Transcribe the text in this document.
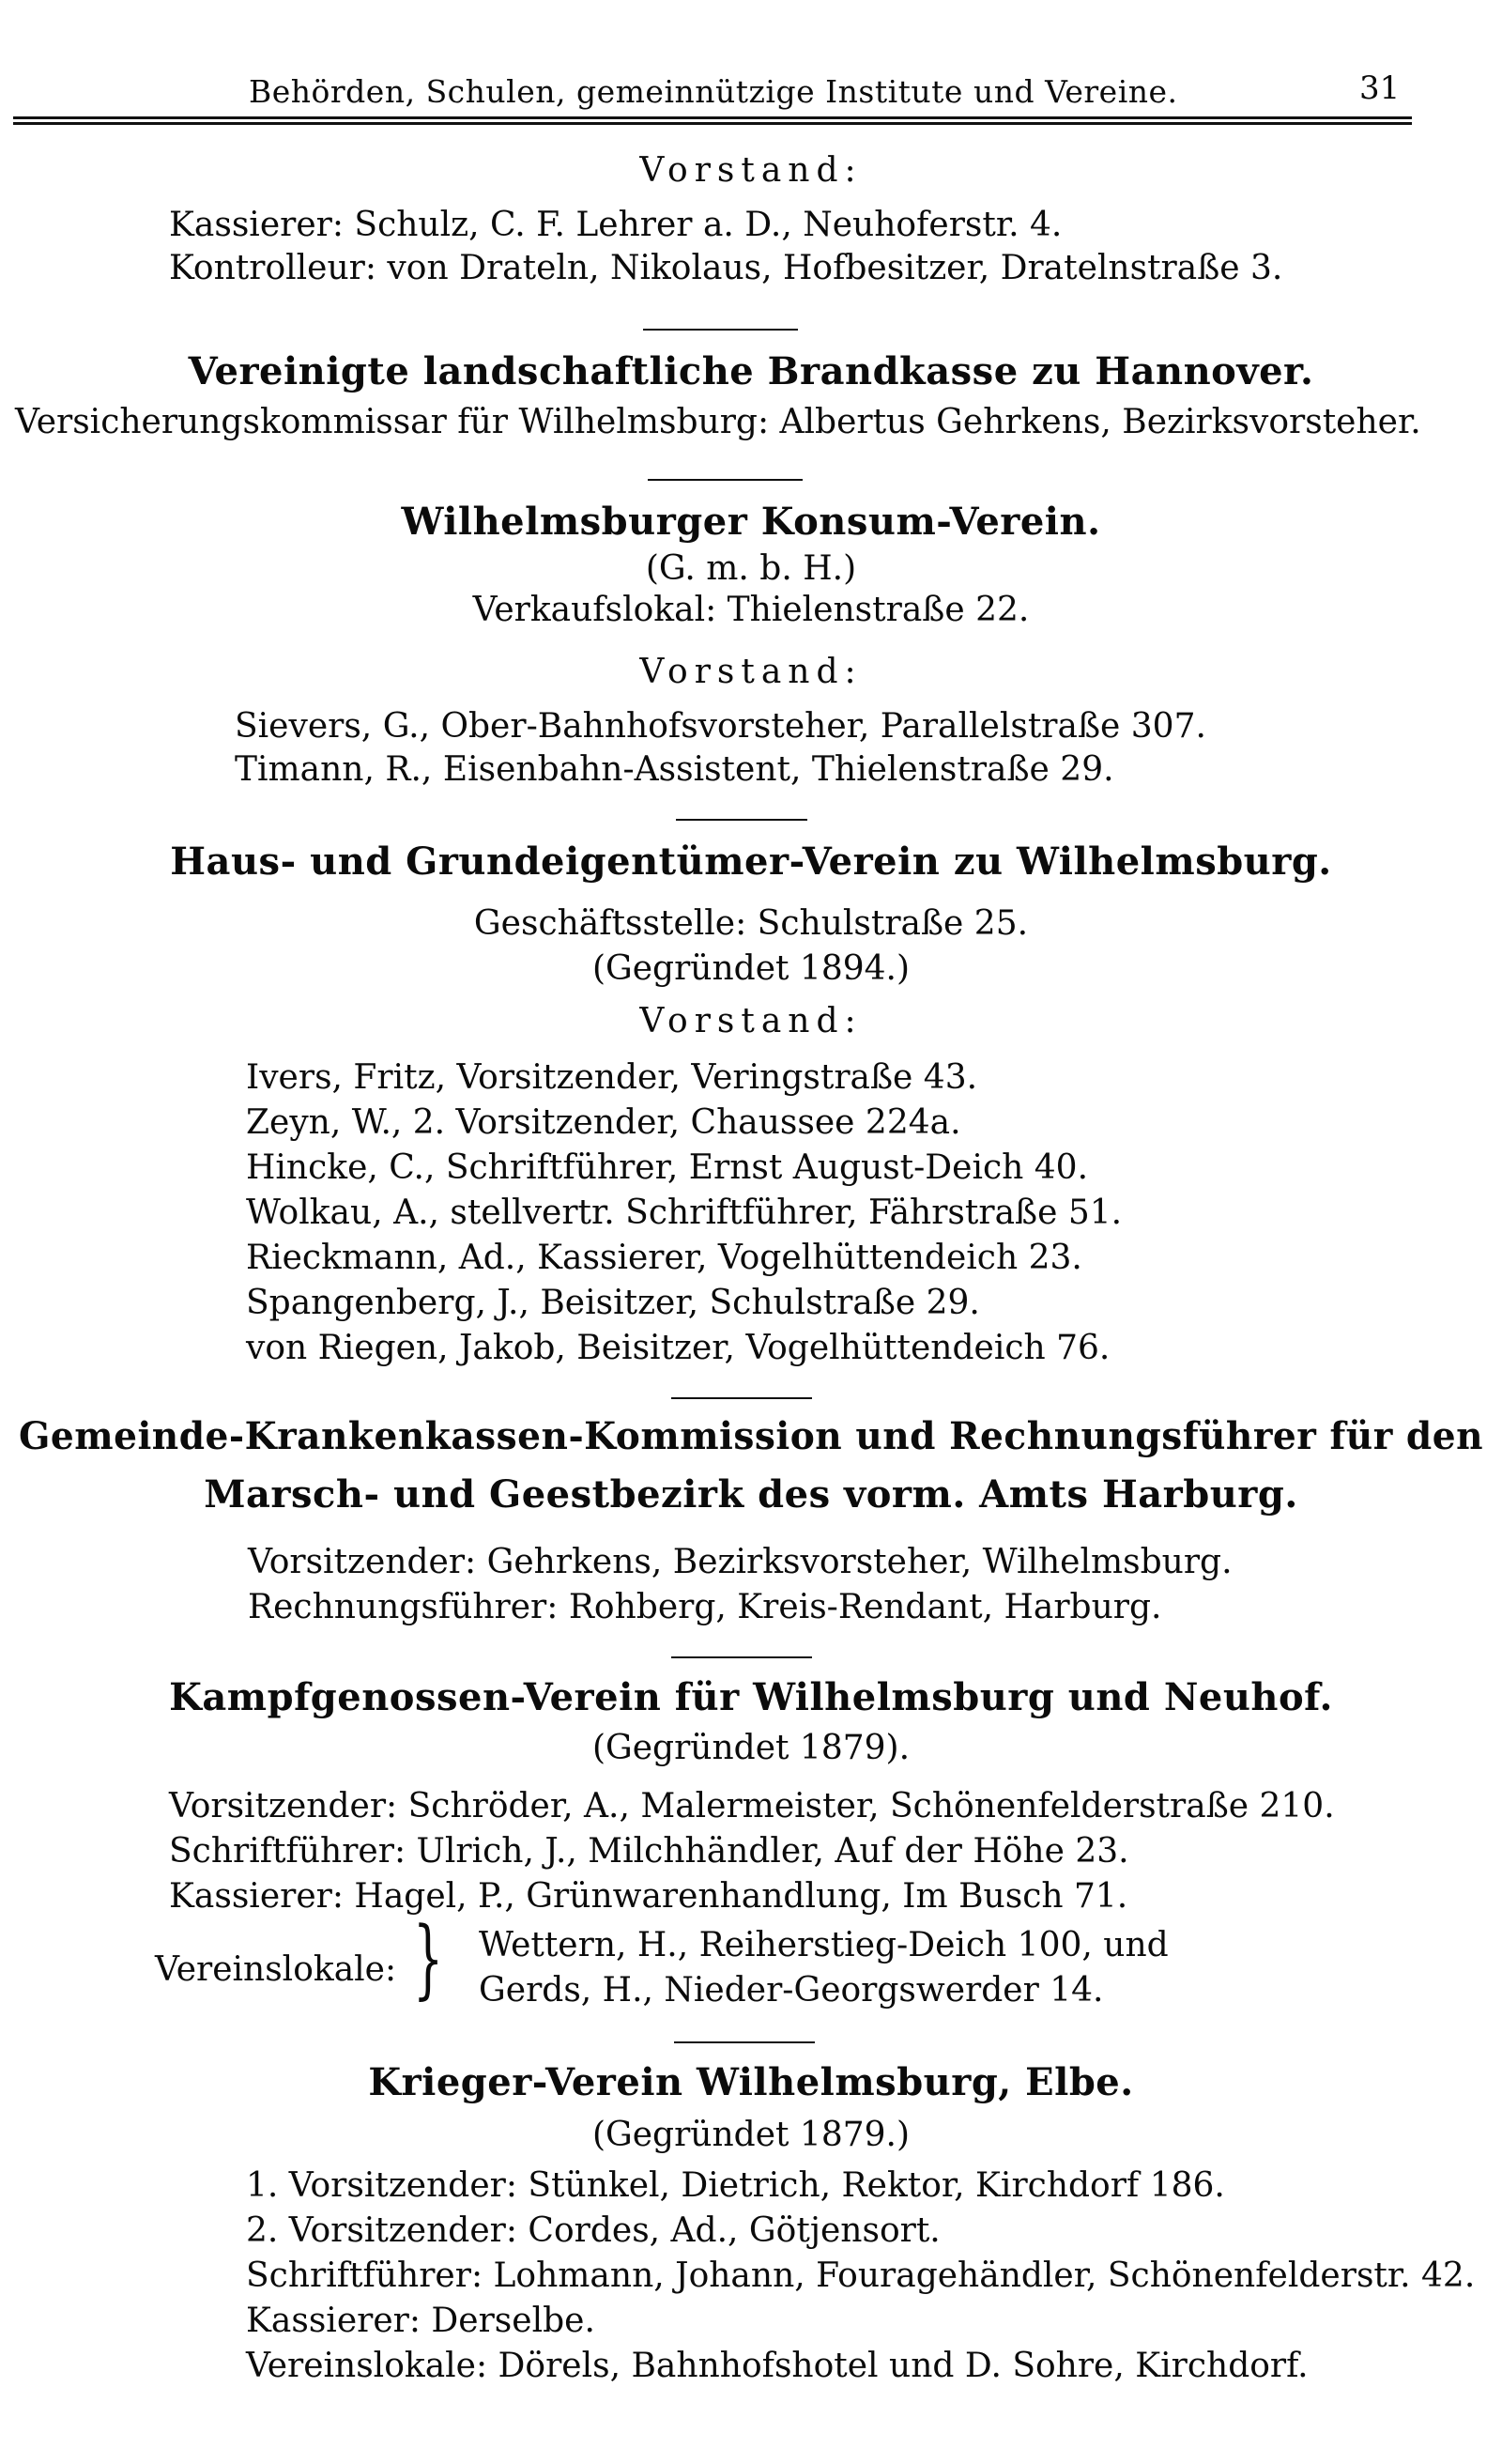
Behörden, Schulen, gemeinnützige Institute und Vereine.	31
Vorstand:
Kassierer: Schulz, C. F. Lehrer a. D., Neuhoferstr. 4.
Kontrolleur: von Drateln, Nikolaus, Hofbesitzer, Dratelnstraße 3.
Vereinigte landschaftliche Brandkasse zu Hannover.
Versicherungskommissar für Wilhelmsburg: Albertus Gehrkens, Bezirksvorsteher.
Wilhelmsburger Konsum-Verein.
(G. m. b. H.)
Verkaufslokal: Thielenstraße 22.
Vorstand:
Sievers, G., Ober-Bahnhofsvorsteher, Parallelstraße 307.
Timann, R., Eisenbahn-Assistent, Thielenstraße 29.
Haus- und Grundeigentümer-Verein zu Wilhelmsburg.
Geschäftsstelle: Schulstraße 25.
(Gegründet 1894.)
Vorstand:
Ivers, Fritz, Vorsitzender, Veringstraße 43.
Zeyn, W., 2. Vorsitzender, Chaussee 224a.
Hincke, C., Schriftführer, Ernst August-Deich 40.
Wolkau, A., stellvertr. Schriftführer, Fährstraße 51.
Rieckmann, Ad., Kassierer, Vogelhüttendeich 23.
Spangenberg, J., Beisitzer, Schulstraße 29.
von Riegen, Jakob, Beisitzer, Vogelhüttendeich 76.
Gemeinde-Krankenkassen-Kommission und Rechnungsführer für den
Marsch- und Geestbezirk des vorm. Amts Harburg.
Vorsitzender: Gehrkens, Bezirksvorsteher, Wilhelmsburg.
Rechnungsführer: Rohberg, Kreis-Rendant, Harburg.
Kampfgenossen-Verein für Wilhelmsburg und Neuhof.
(Gegründet 1879).
Vorsitzender: Schröder, A., Malermeister, Schönenfelderstraße 210.
Schriftführer: Ulrich, J., Milchhändler, Auf der Höhe 23.
Kassierer: Hagel, P., Grünwarenhandlung, Im Busch 71.
Vereinslokale: } Wettern, H., Reiherstieg-Deich 100, und
Gerds, H., Nieder-Georgswerder 14.
Krieger-Verein Wilhelmsburg, Elbe.
(Gegründet 1879.)
1. Vorsitzender: Stünkel, Dietrich, Rektor, Kirchdorf 186.
2. Vorsitzender: Cordes, Ad., Götjensort.
Schriftführer: Lohmann, Johann, Fouragehändler, Schönenfelderstr. 42.
Kassierer: Derselbe.
Vereinslokale: Dörels, Bahnhofshotel und D. Sohre, Kirchdorf.
